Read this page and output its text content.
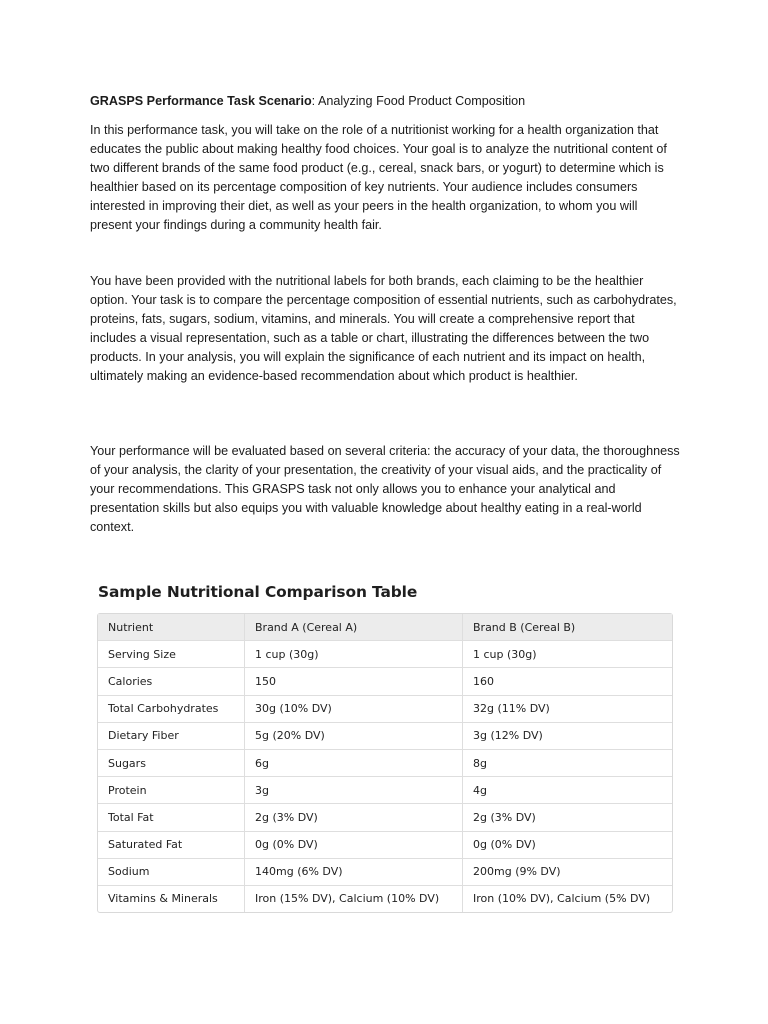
GRASPS Performance Task Scenario: Analyzing Food Product Composition

In this performance task, you will take on the role of a nutritionist working for a health organization that educates the public about making healthy food choices. Your goal is to analyze the nutritional content of two different brands of the same food product (e.g., cereal, snack bars, or yogurt) to determine which is healthier based on its percentage composition of key nutrients. Your audience includes consumers interested in improving their diet, as well as your peers in the health organization, to whom you will present your findings during a community health fair.

You have been provided with the nutritional labels for both brands, each claiming to be the healthier option. Your task is to compare the percentage composition of essential nutrients, such as carbohydrates, proteins, fats, sugars, sodium, vitamins, and minerals. You will create a comprehensive report that includes a visual representation, such as a table or chart, illustrating the differences between the two products. In your analysis, you will explain the significance of each nutrient and its impact on health, ultimately making an evidence-based recommendation about which product is healthier.

Your performance will be evaluated based on several criteria: the accuracy of your data, the thoroughness of your analysis, the clarity of your presentation, the creativity of your visual aids, and the practicality of your recommendations. This GRASPS task not only allows you to enhance your analytical and presentation skills but also equips you with valuable knowledge about healthy eating in a real-world context.

Sample Nutritional Comparison Table
Nutrient	Brand A (Cereal A)	Brand B (Cereal B)
Serving Size	1 cup (30g)	1 cup (30g)
Calories	150	160
Total Carbohydrates	30g (10% DV)	32g (11% DV)
Dietary Fiber	5g (20% DV)	3g (12% DV)
Sugars	6g	8g
Protein	3g	4g
Total Fat	2g (3% DV)	2g (3% DV)
Saturated Fat	0g (0% DV)	0g (0% DV)
Sodium	140mg (6% DV)	200mg (9% DV)
Vitamins & Minerals	Iron (15% DV), Calcium (10% DV)	Iron (10% DV), Calcium (5% DV)
